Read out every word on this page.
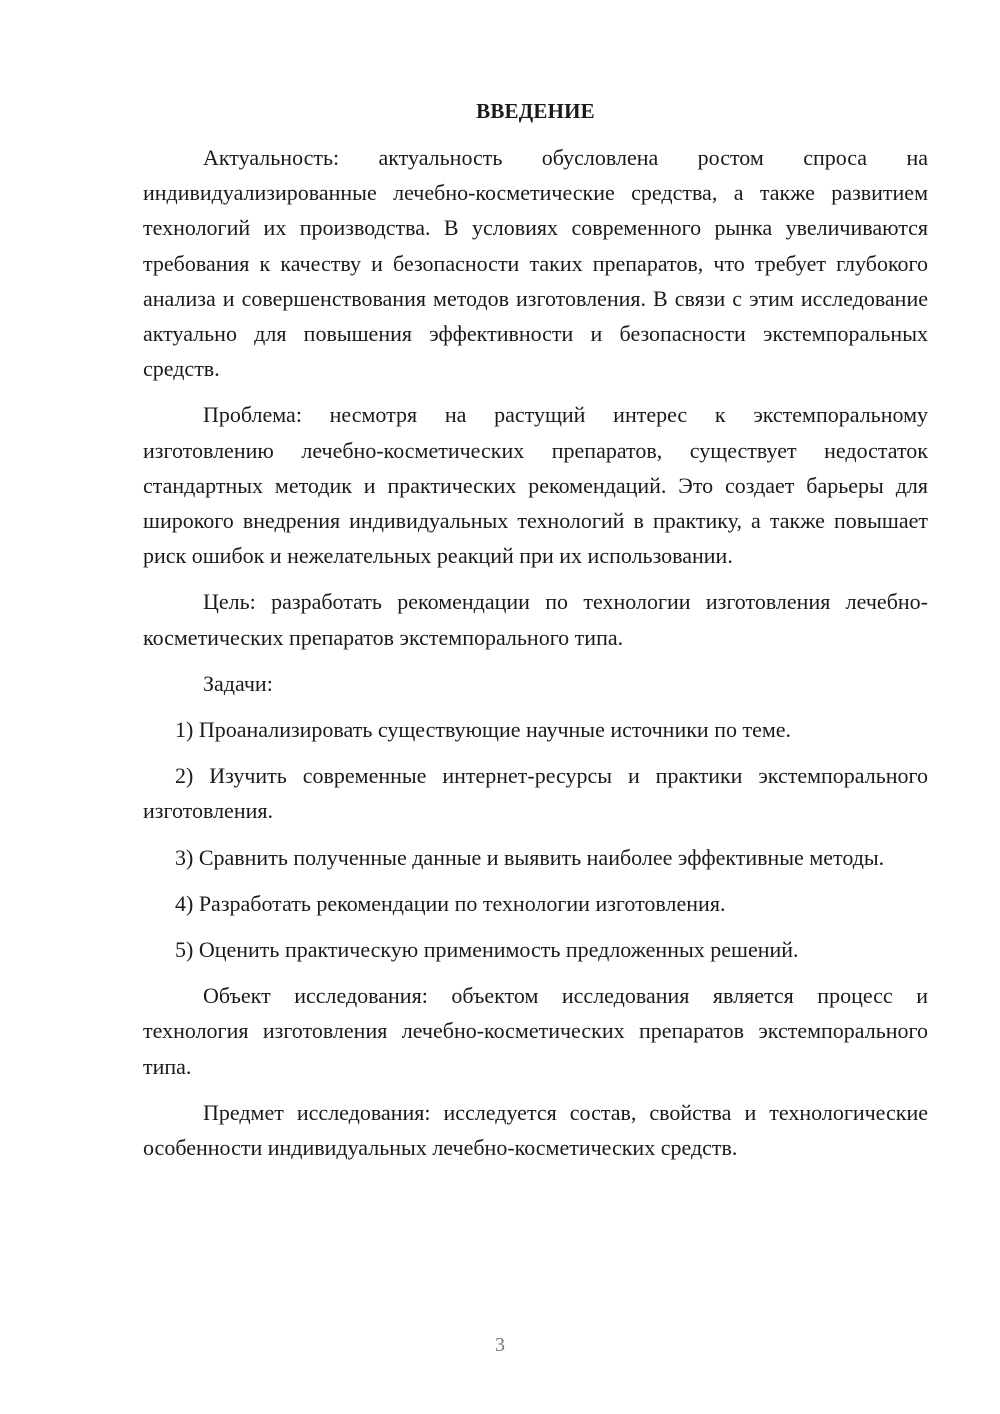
ВВЕДЕНИЕ

Актуальность: актуальность обусловлена ростом спроса на индивидуализированные лечебно-косметические средства, а также развитием технологий их производства. В условиях современного рынка увеличиваются требования к качеству и безопасности таких препаратов, что требует глубокого анализа и совершенствования методов изготовления. В связи с этим исследование актуально для повышения эффективности и безопасности экстемпоральных средств.

Проблема: несмотря на растущий интерес к экстемпоральному изготовлению лечебно-косметических препаратов, существует недостаток стандартных методик и практических рекомендаций. Это создает барьеры для широкого внедрения индивидуальных технологий в практику, а также повышает риск ошибок и нежелательных реакций при их использовании.

Цель: разработать рекомендации по технологии изготовления лечебно-косметических препаратов экстемпорального типа.

Задачи:

1) Проанализировать существующие научные источники по теме.

2) Изучить современные интернет-ресурсы и практики экстемпорального изготовления.

3) Сравнить полученные данные и выявить наиболее эффективные методы.

4) Разработать рекомендации по технологии изготовления.

5) Оценить практическую применимость предложенных решений.

Объект исследования: объектом исследования является процесс и технология изготовления лечебно-косметических препаратов экстемпорального типа.

Предмет исследования: исследуется состав, свойства и технологические особенности индивидуальных лечебно-косметических средств.

3
